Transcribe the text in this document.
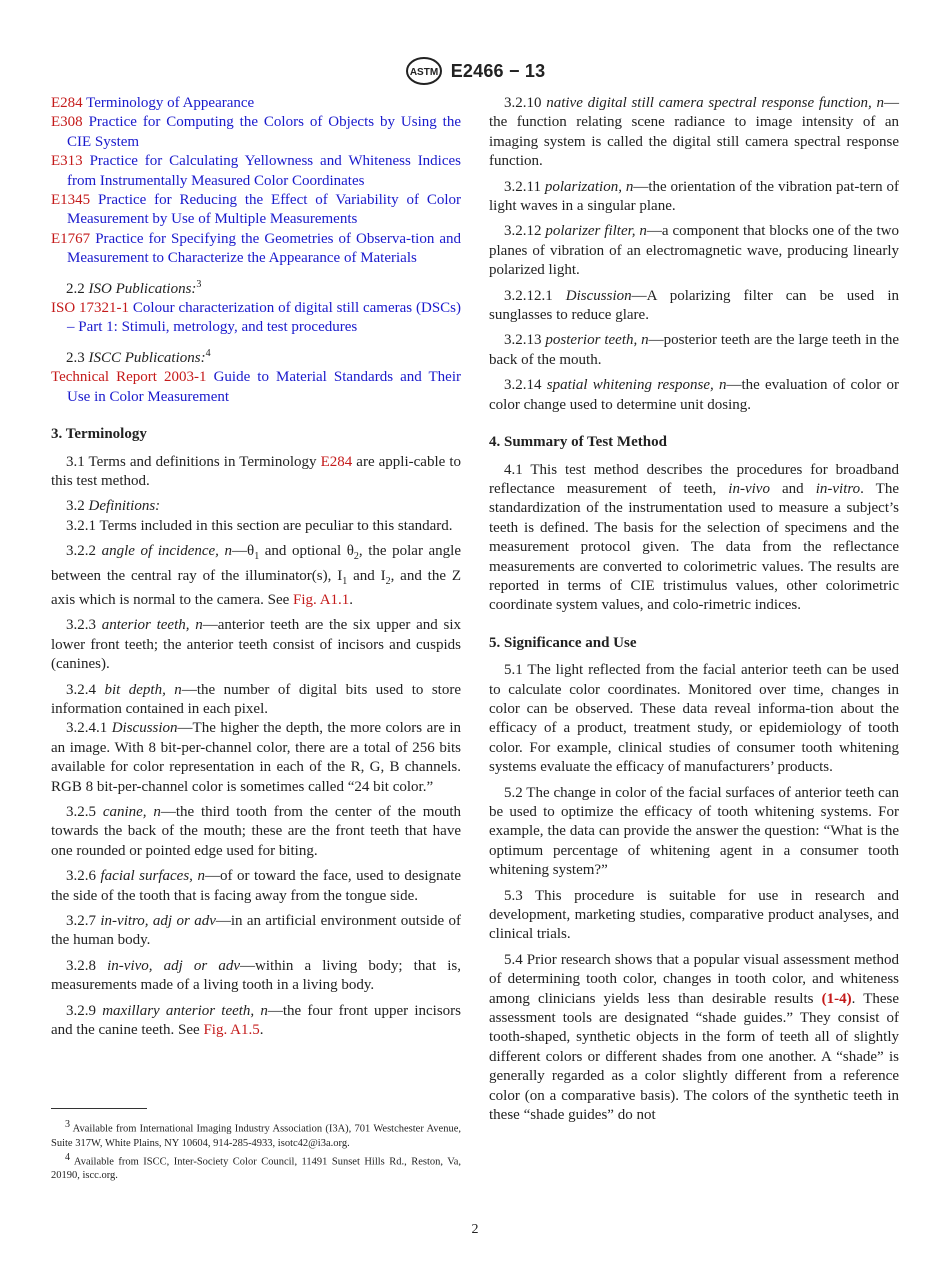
ASTM E2466 − 13

E284 Terminology of Appearance

E308 Practice for Computing the Colors of Objects by Using the CIE System

E313 Practice for Calculating Yellowness and Whiteness Indices from Instrumentally Measured Color Coordinates

E1345 Practice for Reducing the Effect of Variability of Color Measurement by Use of Multiple Measurements

E1767 Practice for Specifying the Geometries of Observa-tion and Measurement to Characterize the Appearance of Materials

2.2 ISO Publications:$^3$

ISO 17321-1 Colour characterization of digital still cameras (DSCs) – Part 1: Stimuli, metrology, and test procedures

2.3 ISCC Publications:$^4$

Technical Report 2003-1 Guide to Material Standards and Their Use in Color Measurement

3. Terminology

3.1 Terms and definitions in Terminology E284 are appli-cable to this test method.

3.2 Definitions:

3.2.1 Terms included in this section are peculiar to this standard.

3.2.2 angle of incidence, $n—\theta_1$ and optional $\theta_2$, the polar angle between the central ray of the illuminator(s), $I_1$ and $I_2$, and the Z axis which is normal to the camera. See Fig. A1.1.

3.2.3 anterior teeth, n—anterior teeth are the six upper and six lower front teeth; the anterior teeth consist of incisors and cuspids (canines).

3.2.4 bit depth, n—the number of digital bits used to store information contained in each pixel.

3.2.4.1 Discussion—The higher the depth, the more colors are in an image. With 8 bit-per-channel color, there are a total of 256 bits available for color representation in each of the R, G, B channels. RGB 8 bit-per-channel color is sometimes called “24 bit color.”

3.2.5 canine, n—the third tooth from the center of the mouth towards the back of the mouth; these are the front teeth that have one rounded or pointed edge used for biting.

3.2.6 facial surfaces, n—of or toward the face, used to designate the side of the tooth that is facing away from the tongue side.

3.2.7 in-vitro, adj or adv—in an artificial environment outside of the human body.

3.2.8 in-vivo, adj or adv—within a living body; that is, measurements made of a living tooth in a living body.

3.2.9 maxillary anterior teeth, n—the four front upper incisors and the canine teeth. See Fig. A1.5.

3.2.10 native digital still camera spectral response function, n—the function relating scene radiance to image intensity of an imaging system is called the digital still camera spectral response function.

3.2.11 polarization, n—the orientation of the vibration pat-tern of light waves in a singular plane.

3.2.12 polarizer filter, n—a component that blocks one of the two planes of vibration of an electromagnetic wave, producing linearly polarized light.

3.2.12.1 Discussion—A polarizing filter can be used in sunglasses to reduce glare.

3.2.13 posterior teeth, n—posterior teeth are the large teeth in the back of the mouth.

3.2.14 spatial whitening response, n—the evaluation of color or color change used to determine unit dosing.

4. Summary of Test Method

4.1 This test method describes the procedures for broadband reflectance measurement of teeth, in-vivo and in-vitro. The standardization of the instrumentation used to measure a subject’s teeth is defined. The basis for the selection of specimens and the measurement protocol given. The data from the reflectance measurements are converted to colorimetric values. The results are reported in terms of CIE tristimulus values, other colorimetric coordinate system values, and colo-rimetric indices.

5. Significance and Use

5.1 The light reflected from the facial anterior teeth can be used to calculate color coordinates. Monitored over time, changes in color can be observed. These data reveal informa-tion about the efficacy of a product, treatment study, or epidemiology of tooth color. For example, clinical studies of consumer tooth whitening systems evaluate the efficacy of manufacturers’ products.

5.2 The change in color of the facial surfaces of anterior teeth can be used to optimize the efficacy of tooth whitening systems. For example, the data can provide the answer the question: “What is the optimum percentage of whitening agent in a consumer tooth whitening system?”

5.3 This procedure is suitable for use in research and development, marketing studies, comparative product analyses, and clinical trials.

5.4 Prior research shows that a popular visual assessment method of determining tooth color, changes in tooth color, and whiteness among clinicians yields less than desirable results (1-4). These assessment tools are designated “shade guides.” They consist of tooth-shaped, synthetic objects in the form of teeth all of slightly different colors or different shades from one another. A “shade” is generally regarded as a color slightly different from a reference color (on a comparative basis). The colors of the synthetic teeth in these “shade guides” do not

$^3$ Available from International Imaging Industry Association (I3A), 701 Westchester Avenue, Suite 317W, White Plains, NY 10604, 914-285-4933, isotc42@i3a.org.

$^4$ Available from ISCC, Inter-Society Color Council, 11491 Sunset Hills Rd., Reston, Va, 20190, iscc.org.

2
